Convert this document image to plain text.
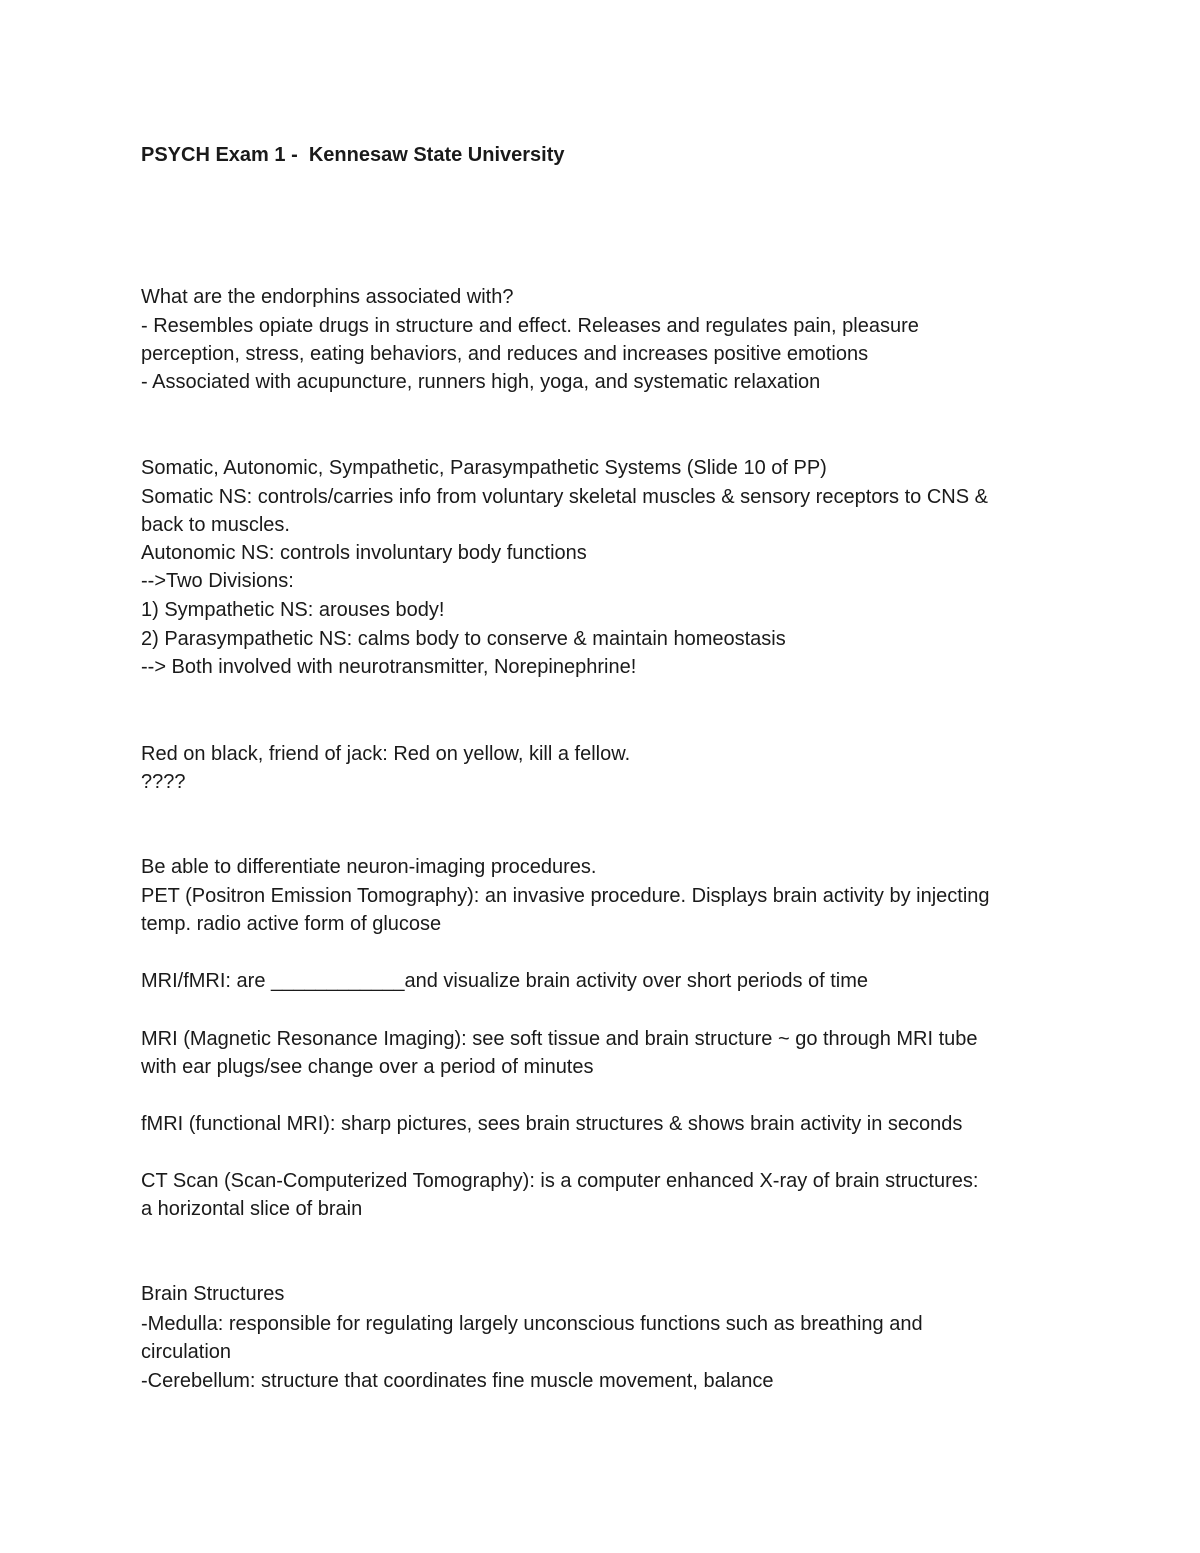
PSYCH Exam 1 -  Kennesaw State University

What are the endorphins associated with?

- Resembles opiate drugs in structure and effect. Releases and regulates pain, pleasure

perception, stress, eating behaviors, and reduces and increases positive emotions

- Associated with acupuncture, runners high, yoga, and systematic relaxation

Somatic, Autonomic, Sympathetic, Parasympathetic Systems (Slide 10 of PP)

Somatic NS: controls/carries info from voluntary skeletal muscles & sensory receptors to CNS &

back to muscles.

Autonomic NS: controls involuntary body functions

-->Two Divisions:

1) Sympathetic NS: arouses body!

2) Parasympathetic NS: calms body to conserve & maintain homeostasis

--> Both involved with neurotransmitter, Norepinephrine!

Red on black, friend of jack: Red on yellow, kill a fellow.

????

Be able to differentiate neuron-imaging procedures.

PET (Positron Emission Tomography): an invasive procedure. Displays brain activity by injecting

temp. radio active form of glucose

MRI/fMRI: are ____________and visualize brain activity over short periods of time

MRI (Magnetic Resonance Imaging): see soft tissue and brain structure ~ go through MRI tube

with ear plugs/see change over a period of minutes

fMRI (functional MRI): sharp pictures, sees brain structures & shows brain activity in seconds

CT Scan (Scan-Computerized Tomography): is a computer enhanced X-ray of brain structures:

a horizontal slice of brain

Brain Structures

-Medulla: responsible for regulating largely unconscious functions such as breathing and

circulation

-Cerebellum: structure that coordinates fine muscle movement, balance
